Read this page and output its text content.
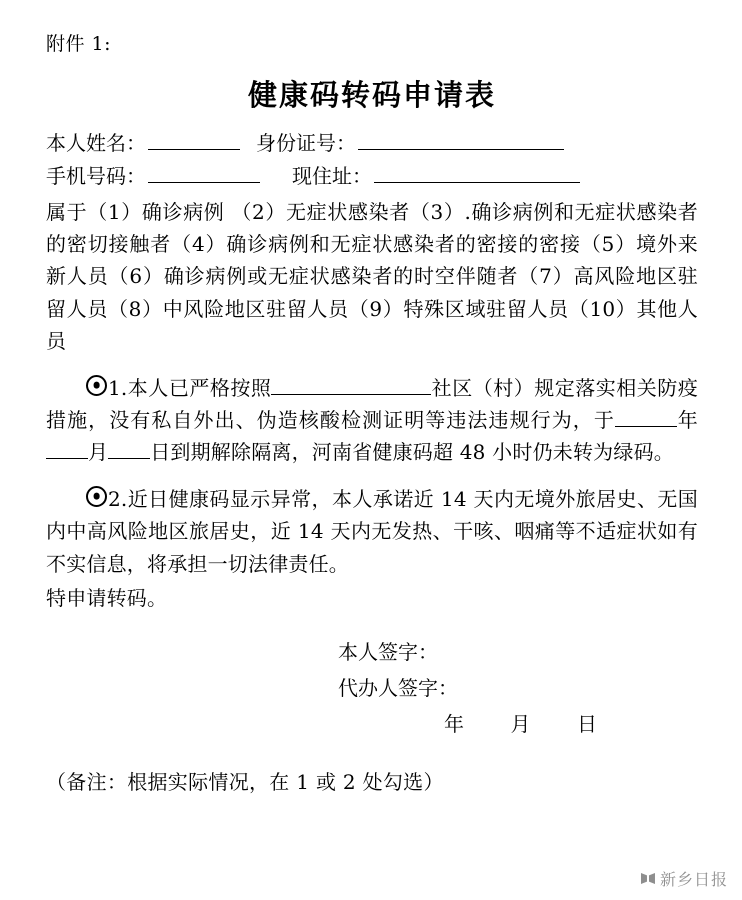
附件 1:
健康码转码申请表
本人姓名：	身份证号：
手机号码：	现住址：
属于（1）确诊病例 （2）无症状感染者（3）.确诊病例和无症状感染者的密切接触者（4）确诊病例和无症状感染者的密接的密接（5）境外来新人员（6）确诊病例或无症状感染者的时空伴随者（7）高风险地区驻留人员（8）中风险地区驻留人员（9）特殊区域驻留人员（10）其他人员
1.本人已严格按照	社区（村）规定落实相关防疫措施，没有私自外出、伪造核酸检测证明等违法违规行为，于	年月 日到期解除隔离，河南省健康码超 48 小时仍未转为绿码。
2.近日健康码显示异常，本人承诺近 14 天内无境外旅居史、无国内中高风险地区旅居史，近 14 天内无发热、干咳、咽痛等不适症状如有不实信息，将承担一切法律责任。
特申请转码。
本人签字：
代办人签字：
年 月 日
（备注：根据实际情况，在 1 或 2 处勾选）
新乡日报
